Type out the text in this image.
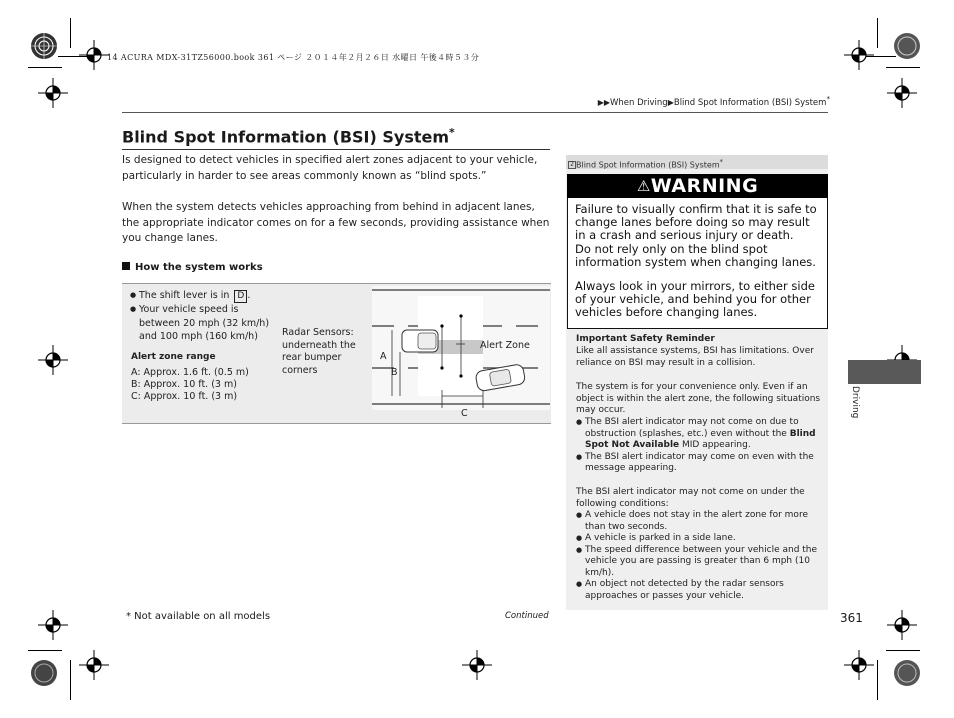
14 ACURA MDX-31TZ56000.book 361 ページ ２０１４年２月２６日 水曜日 午後４時５３分
▶▶When Driving▶Blind Spot Information (BSI) System*
Blind Spot Information (BSI) System*
Is designed to detect vehicles in specified alert zones adjacent to your vehicle, particularly in harder to see areas commonly known as “blind spots.”
When the system detects vehicles approaching from behind in adjacent lanes, the appropriate indicator comes on for a few seconds, providing assistance when you change lanes.
How the system works
● The shift lever is in D .
● Your vehicle speed is between 20 mph (32 km/h) and 100 mph (160 km/h)
Alert zone range
A: Approx. 1.6 ft. (0.5 m)
B: Approx. 10 ft. (3 m)
C: Approx. 10 ft. (3 m)
Radar Sensors: underneath the rear bumper corners
Alert Zone
A
B
C
2 Blind Spot Information (BSI) System*
⚠WARNING
Failure to visually confirm that it is safe to change lanes before doing so may result in a crash and serious injury or death.
Do not rely only on the blind spot information system when changing lanes.
Always look in your mirrors, to either side of your vehicle, and behind you for other vehicles before changing lanes.
Important Safety Reminder
Like all assistance systems, BSI has limitations. Over reliance on BSI may result in a collision.
The system is for your convenience only. Even if an object is within the alert zone, the following situations may occur.
● The BSI alert indicator may not come on due to obstruction (splashes, etc.) even without the Blind Spot Not Available MID appearing.
● The BSI alert indicator may come on even with the message appearing.
The BSI alert indicator may not come on under the following conditions:
● A vehicle does not stay in the alert zone for more than two seconds.
● A vehicle is parked in a side lane.
● The speed difference between your vehicle and the vehicle you are passing is greater than 6 mph (10 km/h).
● An object not detected by the radar sensors approaches or passes your vehicle.
Driving
* Not available on all models	Continued	361
